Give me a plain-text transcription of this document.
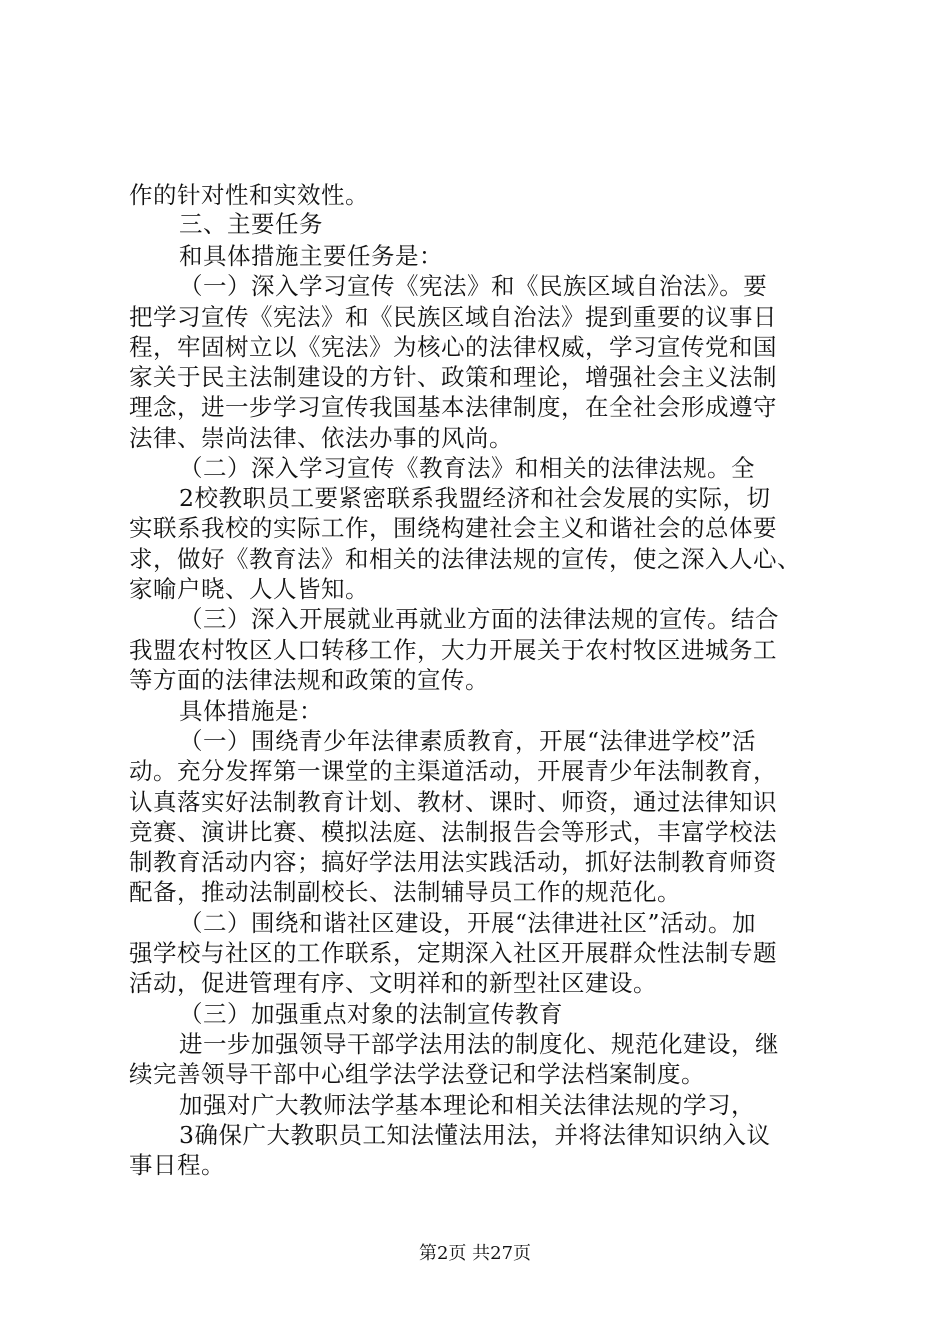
作的针对性和实效性。
三、主要任务
和具体措施主要任务是：
（一）深入学习宣传《宪法》和《民族区域自治法》。要
把学习宣传《宪法》和《民族区域自治法》提到重要的议事日
程，牢固树立以《宪法》为核心的法律权威，学习宣传党和国
家关于民主法制建设的方针、政策和理论，增强社会主义法制
理念，进一步学习宣传我国基本法律制度，在全社会形成遵守
法律、崇尚法律、依法办事的风尚。
（二）深入学习宣传《教育法》和相关的法律法规。全
2校教职员工要紧密联系我盟经济和社会发展的实际，切
实联系我校的实际工作，围绕构建社会主义和谐社会的总体要
求，做好《教育法》和相关的法律法规的宣传，使之深入人心、
家喻户晓、人人皆知。
（三）深入开展就业再就业方面的法律法规的宣传。结合
我盟农村牧区人口转移工作，大力开展关于农村牧区进城务工
等方面的法律法规和政策的宣传。
具体措施是：
（一）围绕青少年法律素质教育，开展“法律进学校”活
动。充分发挥第一课堂的主渠道活动，开展青少年法制教育，
认真落实好法制教育计划、教材、课时、师资，通过法律知识
竞赛、演讲比赛、模拟法庭、法制报告会等形式，丰富学校法
制教育活动内容；搞好学法用法实践活动，抓好法制教育师资
配备，推动法制副校长、法制辅导员工作的规范化。
（二）围绕和谐社区建设，开展“法律进社区”活动。加
强学校与社区的工作联系，定期深入社区开展群众性法制专题
活动，促进管理有序、文明祥和的新型社区建设。
（三）加强重点对象的法制宣传教育
进一步加强领导干部学法用法的制度化、规范化建设，继
续完善领导干部中心组学法学法登记和学法档案制度。
加强对广大教师法学基本理论和相关法律法规的学习，
3确保广大教职员工知法懂法用法，并将法律知识纳入议
事日程。
第2页 共27页
